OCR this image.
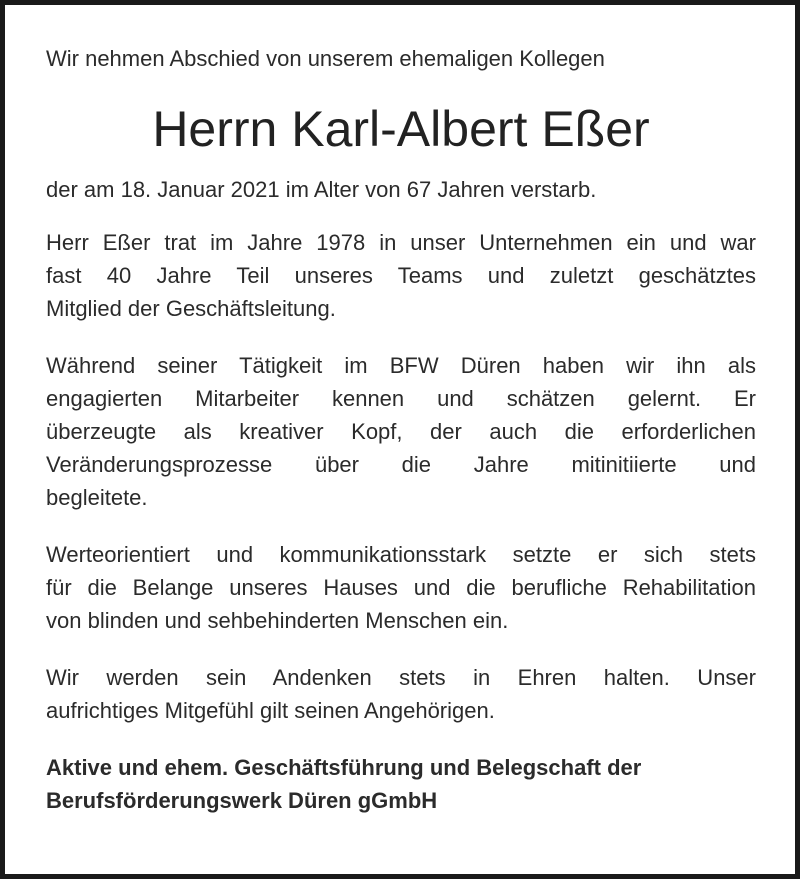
Wir nehmen Abschied von unserem ehemaligen Kollegen
Herrn Karl-Albert Eßer
der am 18. Januar 2021 im Alter von 67 Jahren verstarb.
Herr Eßer trat im Jahre 1978 in unser Unternehmen ein und war
fast 40 Jahre Teil unseres Teams und zuletzt geschätztes
Mitglied der Geschäftsleitung.
Während seiner Tätigkeit im BFW Düren haben wir ihn als
engagierten Mitarbeiter kennen und schätzen gelernt. Er
überzeugte als kreativer Kopf, der auch die erforderlichen
Veränderungsprozesse über die Jahre mitinitiierte und
begleitete.
Werteorientiert und kommunikationsstark setzte er sich stets
für die Belange unseres Hauses und die berufliche Rehabilitation
von blinden und sehbehinderten Menschen ein.
Wir werden sein Andenken stets in Ehren halten. Unser
aufrichtiges Mitgefühl gilt seinen Angehörigen.
Aktive und ehem. Geschäftsführung und Belegschaft der
Berufsförderungswerk Düren gGmbH
